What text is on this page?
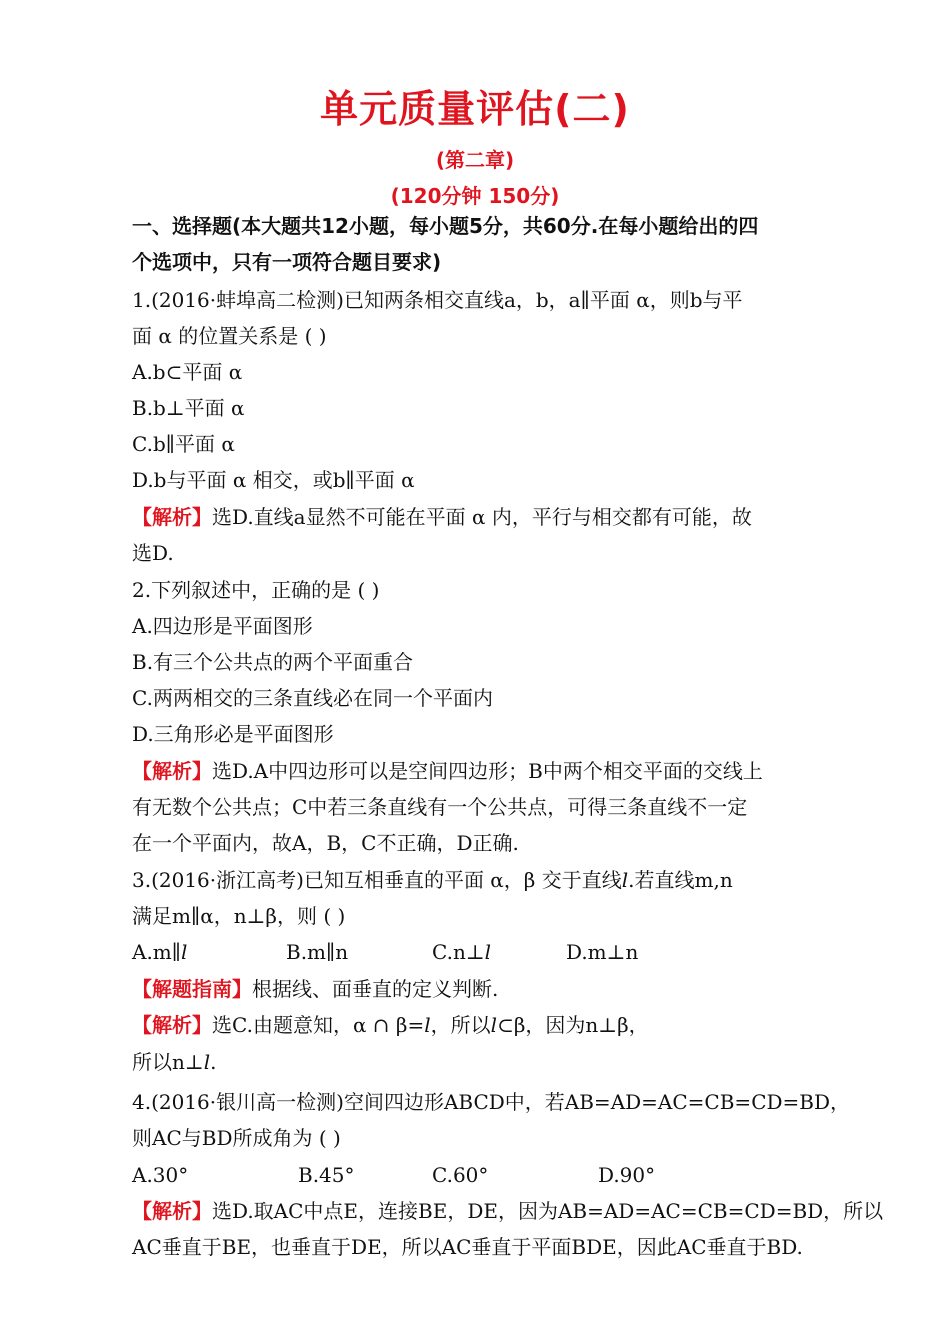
单元质量评估(二)
(第二章)
(120分钟 150分)
一、选择题(本大题共12小题，每小题5分，共60分.在每小题给出的四
个选项中，只有一项符合题目要求)
1.(2016·蚌埠高二检测)已知两条相交直线a，b，a∥平面 α，则b与平
面 α 的位置关系是 ( )
A.b⊂平面 α
B.b⊥平面 α
C.b∥平面 α
D.b与平面 α 相交，或b∥平面 α
【解析】选D.直线a显然不可能在平面 α 内，平行与相交都有可能，故
选D.
2.下列叙述中，正确的是 ( )
A.四边形是平面图形
B.有三个公共点的两个平面重合
C.两两相交的三条直线必在同一个平面内
D.三角形必是平面图形
【解析】选D.A中四边形可以是空间四边形；B中两个相交平面的交线上
有无数个公共点；C中若三条直线有一个公共点，可得三条直线不一定
在一个平面内，故A，B，C不正确，D正确.
3.(2016·浙江高考)已知互相垂直的平面 α，β 交于直线l.若直线m,n
满足m∥α，n⊥β，则 ( )
A.m∥l	B.m∥n	C.n⊥l	D.m⊥n
【解题指南】根据线、面垂直的定义判断.
【解析】选C.由题意知，α ∩ β=l，所以l⊂β，因为n⊥β，
所以n⊥l.
4.(2016·银川高一检测)空间四边形ABCD中，若AB=AD=AC=CB=CD=BD，
则AC与BD所成角为 ( )
A.30°	B.45°	C.60°	D.90°
【解析】选D.取AC中点E，连接BE，DE，因为AB=AD=AC=CB=CD=BD，所以
AC垂直于BE，也垂直于DE，所以AC垂直于平面BDE，因此AC垂直于BD.
